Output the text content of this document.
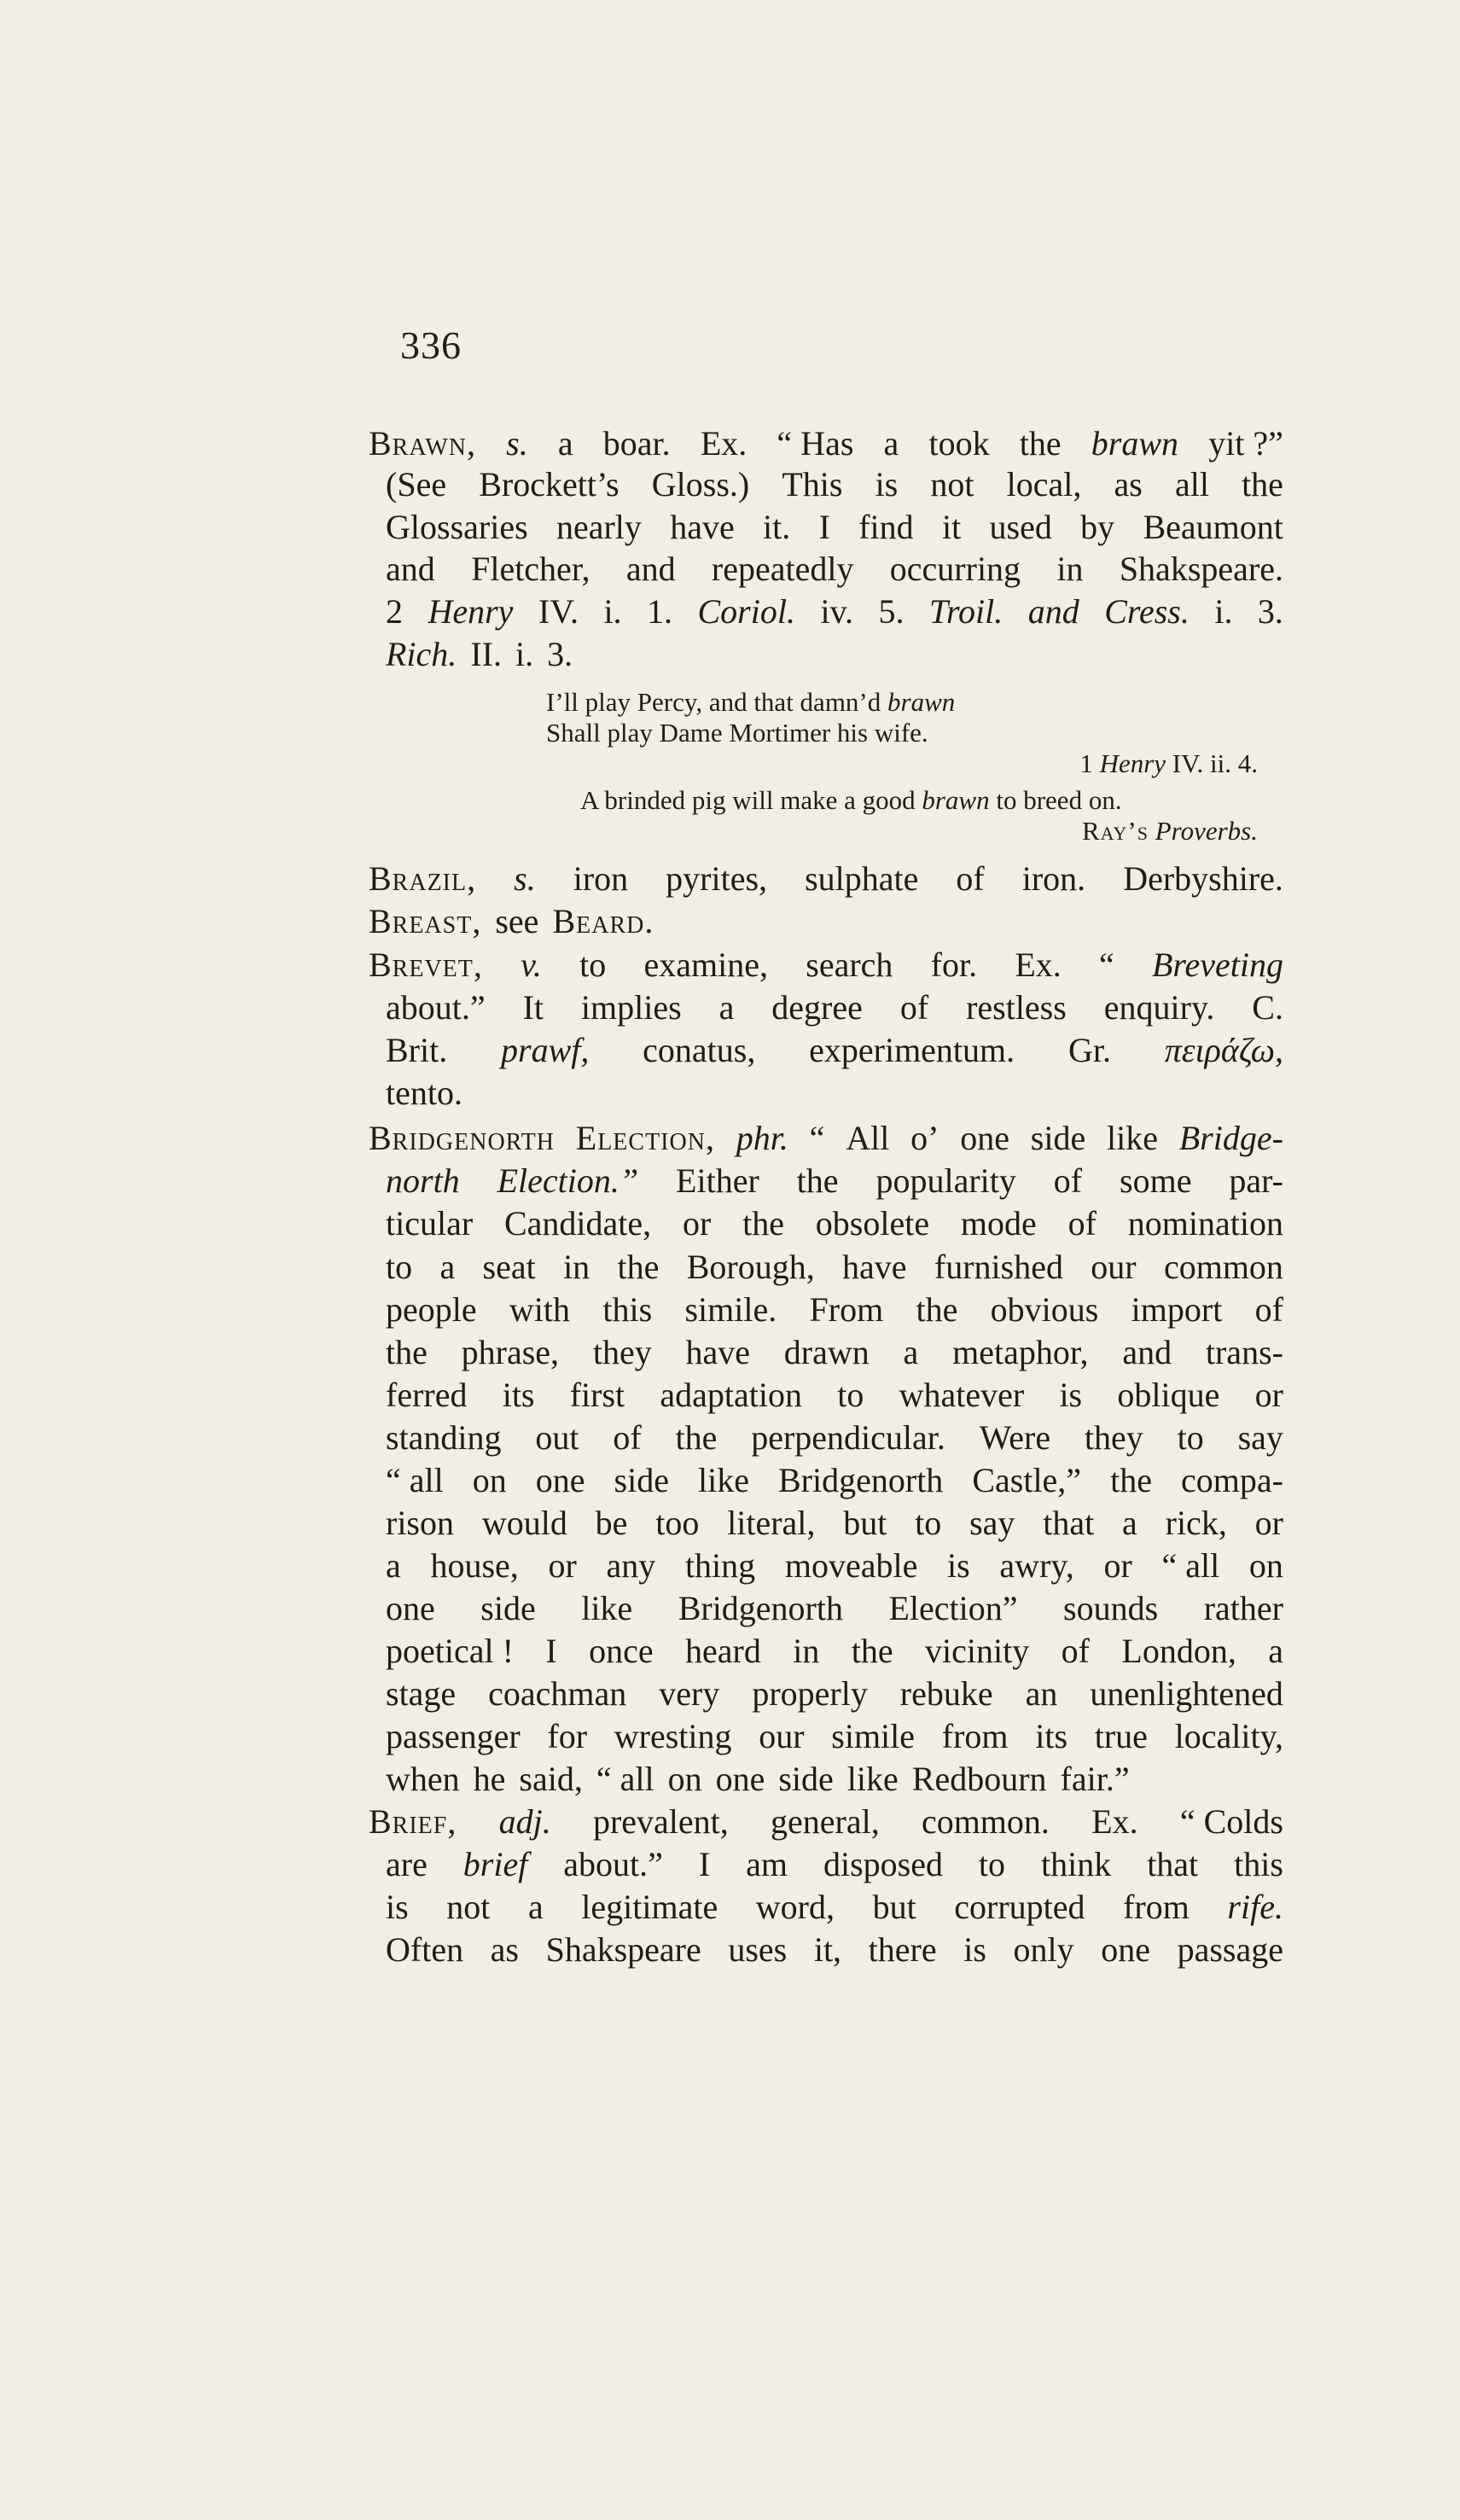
336
Brawn, s. a boar. Ex. “ Has a took the brawn yit ?”
(See Brockett’s Gloss.) This is not local, as all the
Glossaries nearly have it. I find it used by Beaumont
and Fletcher, and repeatedly occurring in Shakspeare.
2 Henry IV. i. 1. Coriol. iv. 5. Troil. and Cress. i. 3.
Rich. II. i. 3.
Brazil, s. iron pyrites, sulphate of iron. Derbyshire.
Breast, see Beard.
Brevet, v. to examine, search for. Ex. “ Breveting
about.” It implies a degree of restless enquiry. C.
Brit. prawf, conatus, experimentum. Gr. πειράζω,
tento.
Bridgenorth Election, phr. “ All o’ one side like Bridge-
north Election.” Either the popularity of some par-
ticular Candidate, or the obsolete mode of nomination
to a seat in the Borough, have furnished our common
people with this simile. From the obvious import of
the phrase, they have drawn a metaphor, and trans-
ferred its first adaptation to whatever is oblique or
standing out of the perpendicular. Were they to say
“ all on one side like Bridgenorth Castle,” the compa-
rison would be too literal, but to say that a rick, or
a house, or any thing moveable is awry, or “ all on
one side like Bridgenorth Election” sounds rather
poetical ! I once heard in the vicinity of London, a
stage coachman very properly rebuke an unenlightened
passenger for wresting our simile from its true locality,
when he said, “ all on one side like Redbourn fair.”
Brief, adj. prevalent, general, common. Ex. “ Colds
are brief about.” I am disposed to think that this
is not a legitimate word, but corrupted from rife.
Often as Shakspeare uses it, there is only one passage
I’ll play Percy, and that damn’d brawn
Shall play Dame Mortimer his wife.
1 Henry IV. ii. 4.
A brinded pig will make a good brawn to breed on.
Ray’s Proverbs.
